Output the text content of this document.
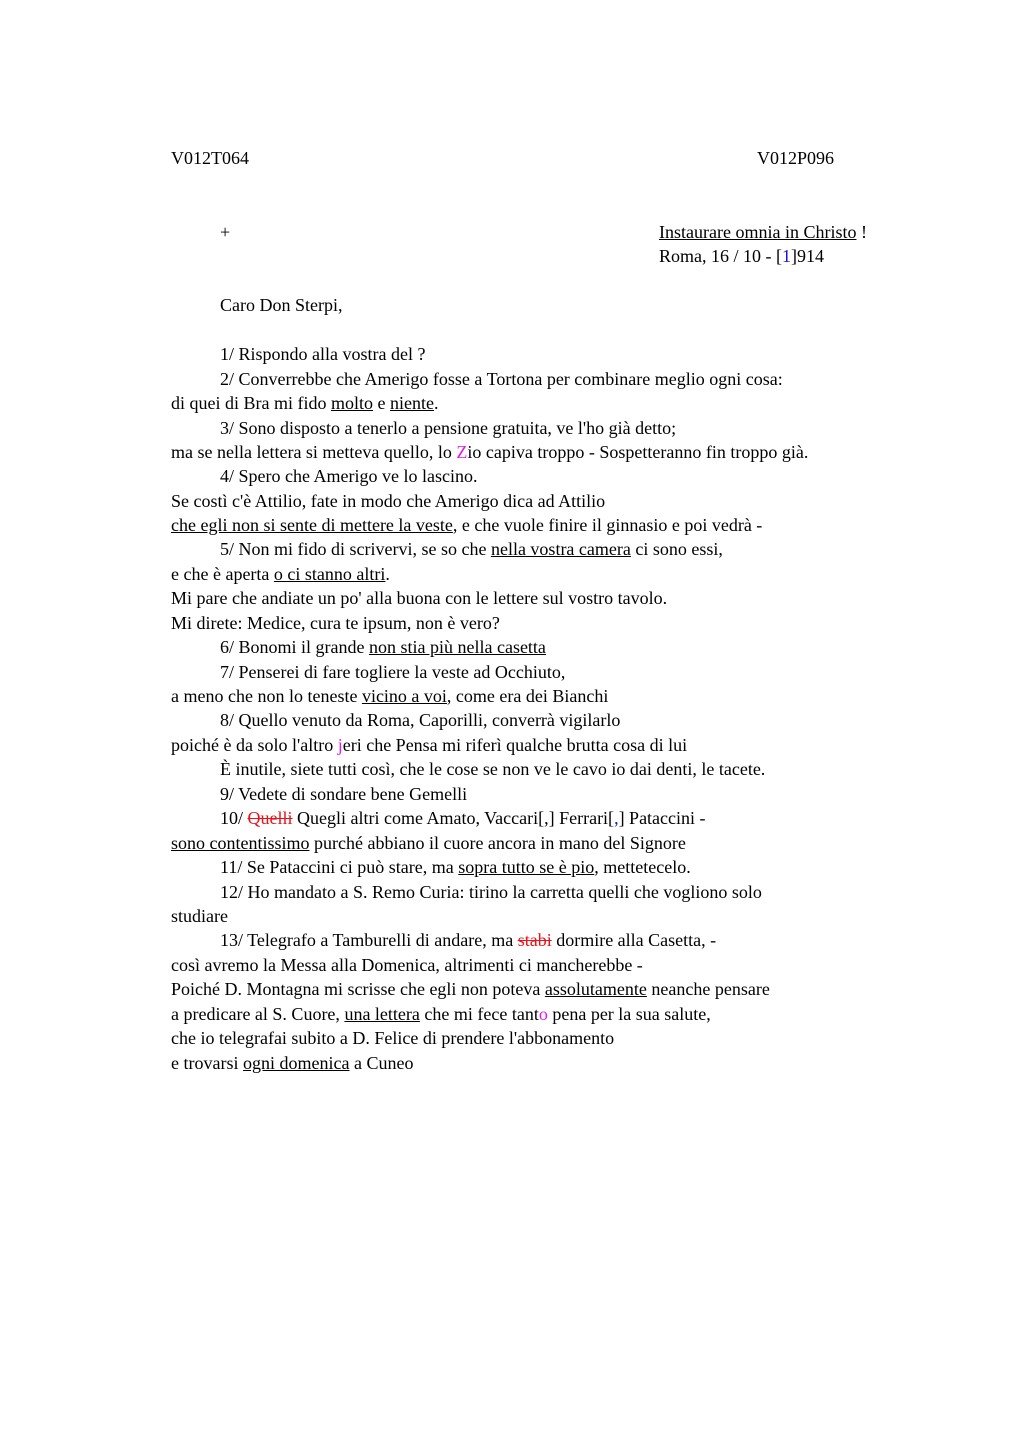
V012T064	V012P096
+	Instaurare omnia in Christo !
Roma, 16 / 10 - [1]914
Caro Don Sterpi,
1/ Rispondo alla vostra del ?
2/ Converrebbe che Amerigo fosse a Tortona per combinare meglio ogni cosa:
di quei di Bra mi fido molto e niente.
3/ Sono disposto a tenerlo a pensione gratuita, ve l'ho già detto;
ma se nella lettera si metteva quello, lo Zio capiva troppo - Sospetteranno fin troppo già.
4/ Spero che Amerigo ve lo lascino.
Se costì c'è Attilio, fate in modo che Amerigo dica ad Attilio
che egli non si sente di mettere la veste, e che vuole finire il ginnasio e poi vedrà -
5/ Non mi fido di scrivervi, se so che nella vostra camera ci sono essi,
e che è aperta o ci stanno altri.
Mi pare che andiate un po' alla buona con le lettere sul vostro tavolo.
Mi direte: Medice, cura te ipsum, non è vero?
6/ Bonomi il grande non stia più nella casetta
7/ Penserei di fare togliere la veste ad Occhiuto,
a meno che non lo teneste vicino a voi, come era dei Bianchi
8/ Quello venuto da Roma, Caporilli, converrà vigilarlo
poiché è da solo l'altro jeri che Pensa mi riferì qualche brutta cosa di lui
È inutile, siete tutti così, che le cose se non ve le cavo io dai denti, le tacete.
9/ Vedete di sondare bene Gemelli
10/ Quelli Quegli altri come Amato, Vaccari[,] Ferrari[,] Pataccini -
sono contentissimo purché abbiano il cuore ancora in mano del Signore
11/ Se Pataccini ci può stare, ma sopra tutto se è pio, mettetecelo.
12/ Ho mandato a S. Remo Curia: tirino la carretta quelli che vogliono solo
studiare
13/ Telegrafo a Tamburelli di andare, ma stabi dormire alla Casetta, -
così avremo la Messa alla Domenica, altrimenti ci mancherebbe -
Poiché D. Montagna mi scrisse che egli non poteva assolutamente neanche pensare
a predicare al S. Cuore, una lettera che mi fece tanto pena per la sua salute,
che io telegrafai subito a D. Felice di prendere l'abbonamento
e trovarsi ogni domenica a Cuneo
